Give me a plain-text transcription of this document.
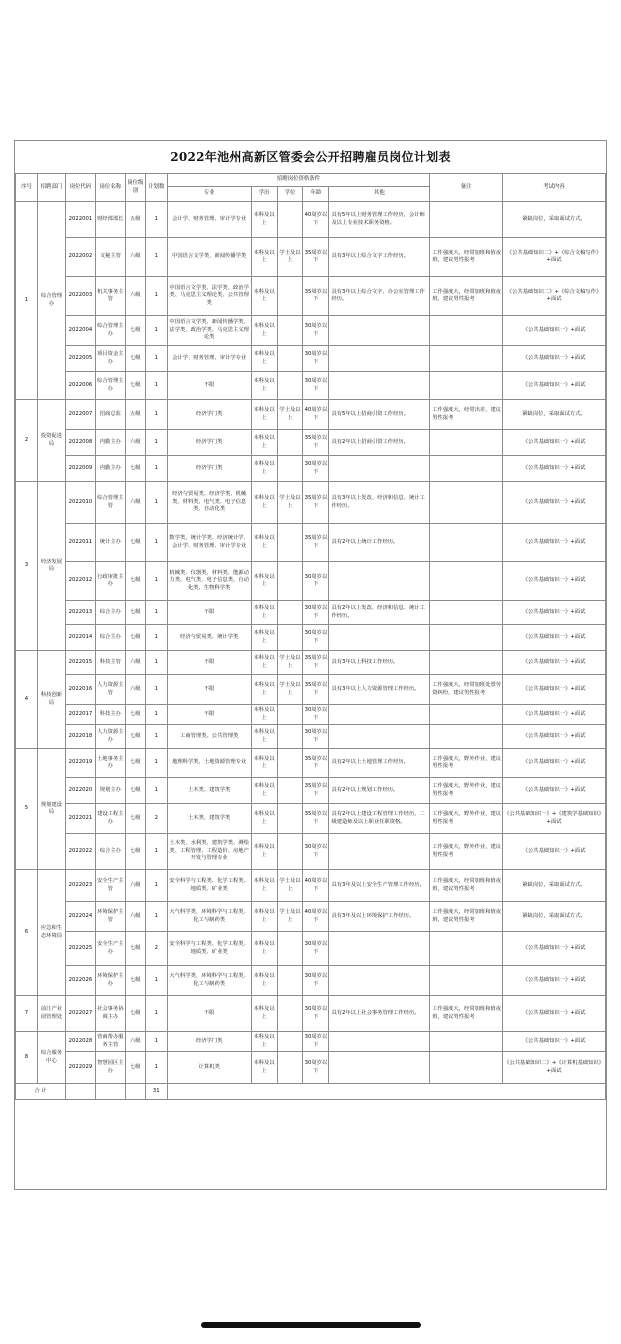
2022年池州高新区管委会公开招聘雇员岗位计划表
序号	招聘部门	岗位代码	岗位名称	岗位级别	计划数	招聘岗位资格条件					备注	考试内容
						专业	学历	学位	年龄	其他		
1	综合管理办	2022001	财经部部长	五级	1	会计学、财务管理、审计学专业	本科及以上		40周岁以下	具有5年以上财务管理工作经历，会计师及以上专业技术职务资格。		紧缺岗位，采取面试方式。
		2022002	文秘主管	六级	1	中国语言文学类、新闻传播学类	本科及以上	学士及以上	35周岁以下	具有3年以上综合文字工作经历。	工作强度大，经常加班和值夜班，建议男性报考	《公共基础知识二》+《综合文稿写作》+面试
		2022003	机关事务主管	六级	1	中国语言文学类、法学类、政治学类、马克思主义理论类、公共管理类	本科及以上		35周岁以下	具有3年以上综合文字、办公室管理工作经历。	工作强度大，经常加班和值夜班，建议男性报考	《公共基础知识二》+《综合文稿写作》+面试
		2022004	综合管理主办	七级	1	中国语言文学类、新闻传播学类、法学类、政治学类、马克思主义理论类	本科及以上		30周岁以下			《公共基础知识一》+面试
		2022005	项目资金主办	七级	1	会计学、财务管理、审计学专业	本科及以上		30周岁以下			《公共基础知识一》+面试
		2022006	综合管理主办	七级	1	不限	本科及以上		30周岁以下			《公共基础知识一》+面试
2	投资促进局	2022007	招商总监	五级	1	经济学门类	本科及以上	学士及以上	40周岁以下	具有5年以上招商引资工作经历。	工作强度大，经常出差，建议男性报考	紧缺岗位，采取面试方式。
		2022008	内勤主办	六级	1	经济学门类	本科及以上		35周岁以下	具有2年以上招商引资工作经历。		《公共基础知识一》+面试
		2022009	内勤主办	七级	1	经济学门类	本科及以上		30周岁以下			《公共基础知识一》+面试
3	经济发展局	2022010	综合管理主管	六级	1	经济与贸易类、经济学类、机械类、材料类、电气类、电子信息类、自动化类	本科及以上	学士及以上	35周岁以下	具有3年以上发改、经济和信息、统计工作经历。		《公共基础知识一》+面试
		2022011	统计主办	七级	1	数学类、统计学类、经济统计学、会计学、财务管理、审计学专业	本科及以上		35周岁以下	具有2年以上统计工作经历。		《公共基础知识一》+面试
		2022012	行政审批主办	七级	1	机械类、仪器类、材料类、能源动力类、电气类、电子信息类、自动化类、生物科学类	本科及以上		30周岁以下			《公共基础知识一》+面试
		2022013	综合主办	七级	1	不限	本科及以上		30周岁以下	具有2年以上发改、经济和信息、统计工作经历。		《公共基础知识一》+面试
		2022014	综合主办	七级	1	经济与贸易类、统计学类	本科及以上		30周岁以下			《公共基础知识一》+面试
4	科技创新局	2022015	科技主管	六级	1	不限	本科及以上	学士及以上	35周岁以下	具有3年以上科技工作经历。		《公共基础知识一》+面试
		2022016	人力资源主管	六级	1	不限	本科及以上	学士及以上	35周岁以下	具有3年以上人力资源管理工作经历。	工作强度大，经常加班处置劳资纠纷，建议男性报考	《公共基础知识一》+面试
		2022017	科技主办	七级	1	不限	本科及以上		30周岁以下			《公共基础知识一》+面试
		2022018	人力资源主办	七级	1	工商管理类、公共管理类	本科及以上		30周岁以下			《公共基础知识一》+面试
5	规划建设局	2022019	土地事务主办	七级	1	地理科学类、土地资源管理专业	本科及以上		35周岁以下	具有2年以上土地管理工作经历。	工作强度大，野外作业，建议男性报考	《公共基础知识一》+面试
		2022020	规划主办	七级	1	土木类、建筑学类	本科及以上		35周岁以下	具有2年以上规划工作经历。	工作强度大，野外作业，建议男性报考	《公共基础知识一》+面试
		2022021	建设工程主办	七级	2	土木类、建筑学类	本科及以上		35周岁以下	具有2年以上建设工程管理工作经历，二级建造师及以上职业任职资格。	工作强度大，野外作业，建议男性报考	《公共基础知识一》+《建筑学基础知识》+面试
		2022022	综合主办	七级	1	土木类、水利类、建筑学类、测绘类、工程管理、工程造价、房地产开发与管理专业	本科及以上		30周岁以下		工作强度大，野外作业，建议男性报考	《公共基础知识一》+面试
6	应急和生态环境局	2022023	安全生产主管	六级	1	安全科学与工程类、化学工程类、地质类、矿业类	本科及以上	学士及以上	40周岁以下	具有3年及以上安全生产管理工作经历。	工作强度大，经常加班和值夜班，建议男性报考	紧缺岗位，采取面试方式。
		2022024	环境保护主管	六级	1	大气科学类、环境科学与工程类、化工与制药类	本科及以上	学士及以上	40周岁以下	具有3年及以上环境保护工作经历。	工作强度大，经常加班和值夜班，建议男性报考	紧缺岗位，采取面试方式。
		2022025	安全生产主办	七级	2	安全科学与工程类、化学工程类、地质类、矿业类	本科及以上		30周岁以下			《公共基础知识一》+面试
		2022026	环境保护主办	七级	1	大气科学类、环境科学与工程类、化工与制药类	本科及以上		30周岁以下			《公共基础知识一》+面试
7	前江产业园管理处	2022027	社会事务协调主办	七级	1	不限	本科及以上		30周岁以下	具有2年以上社会事务管理工作经历。	工作强度大，经常加班和值夜班，建议男性报考	《公共基础知识一》+面试
8	综合服务中心	2022028	营商帮办服务主管	六级	1	经济学门类	本科及以上		30周岁以下			《公共基础知识一》+面试
		2022029	智慧园区主办	七级	1	计算机类	本科及以上		30周岁以下			《公共基础知识二》+《计算机基础知识》+面试
合 计					31							
